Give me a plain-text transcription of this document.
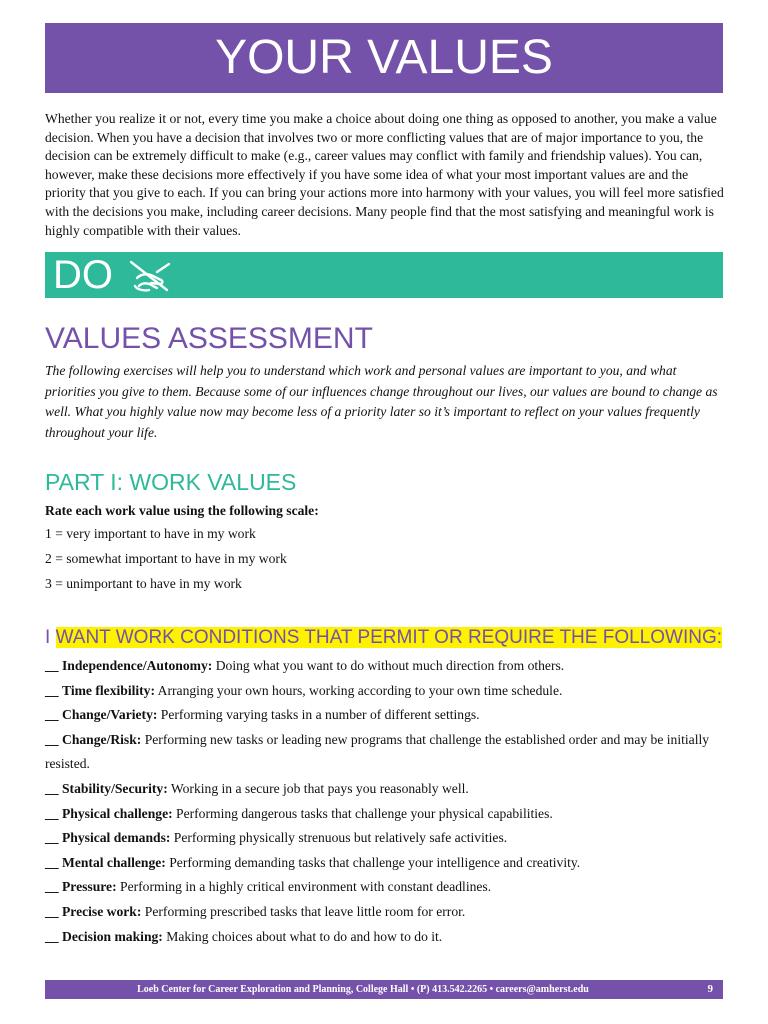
YOUR VALUES

Whether you realize it or not, every time you make a choice about doing one thing as opposed to another, you make a value decision. When you have a decision that involves two or more conflicting values that are of major importance to you, the decision can be extremely difficult to make (e.g., career values may conflict with family and friendship values). You can, however, make these decisions more effectively if you have some idea of what your most important values are and the priority that you give to each. If you can bring your actions more into harmony with your values, you will feel more satisfied with the decisions you make, including career decisions. Many people find that the most satisfying and meaningful work is highly compatible with their values.

DO
VALUES ASSESSMENT

The following exercises will help you to understand which work and personal values are important to you, and what priorities you give to them. Because some of our influences change throughout our lives, our values are bound to change as well. What you highly value now may become less of a priority later so it’s important to reflect on your values frequently throughout your life.

PART I: WORK VALUES
Rate each work value using the following scale:
1 = very important to have in my work
2 = somewhat important to have in my work
3 = unimportant to have in my work
I WANT WORK CONDITIONS THAT PERMIT OR REQUIRE THE FOLLOWING:
__ Independence/Autonomy: Doing what you want to do without much direction from others.
__ Time flexibility: Arranging your own hours, working according to your own time schedule.
__ Change/Variety: Performing varying tasks in a number of different settings.
__ Change/Risk: Performing new tasks or leading new programs that challenge the established order and may be initially resisted.
__ Stability/Security: Working in a secure job that pays you reasonably well.
__ Physical challenge: Performing dangerous tasks that challenge your physical capabilities.
__ Physical demands: Performing physically strenuous but relatively safe activities.
__ Mental challenge: Performing demanding tasks that challenge your intelligence and creativity.
__ Pressure: Performing in a highly critical environment with constant deadlines.
__ Precise work: Performing prescribed tasks that leave little room for error.
__ Decision making: Making choices about what to do and how to do it.
Loeb Center for Career Exploration and Planning, College Hall • (P) 413.542.2265 • careers@amherst.edu	9
